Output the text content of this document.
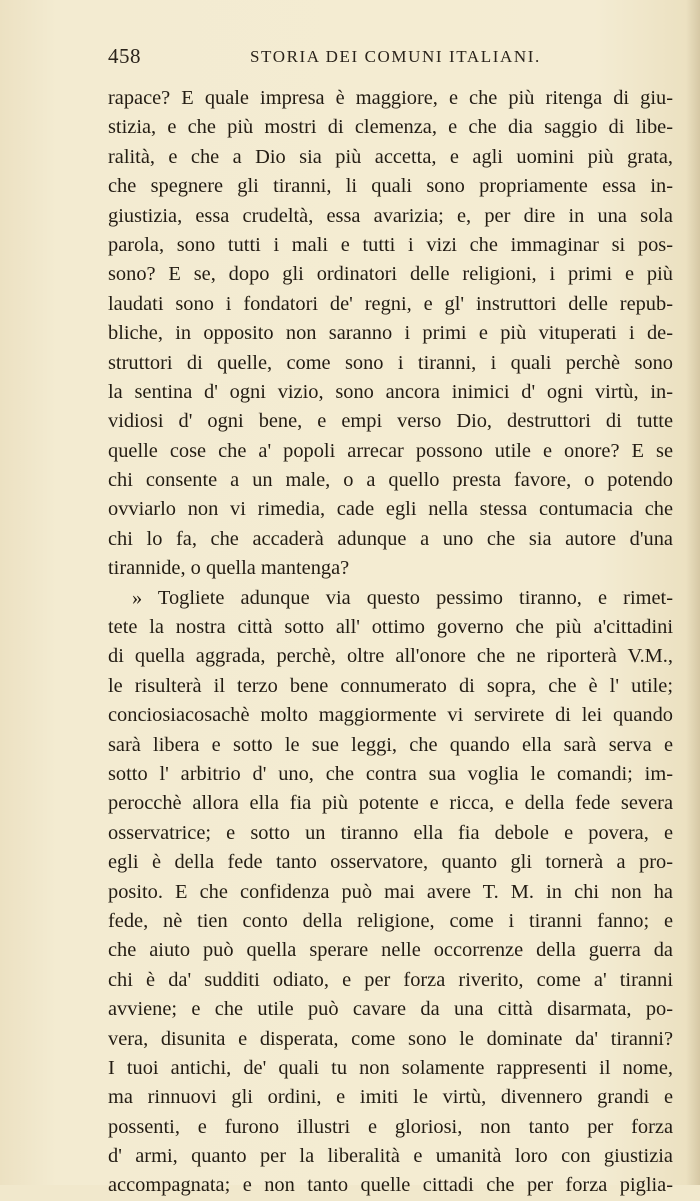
458	STORIA DEI COMUNI ITALIANI.
rapace? E quale impresa è maggiore, e che più ritenga di giu-
stizia, e che più mostri di clemenza, e che dia saggio di libe-
ralità, e che a Dio sia più accetta, e agli uomini più grata,
che spegnere gli tiranni, li quali sono propriamente essa in-
giustizia, essa crudeltà, essa avarizia; e, per dire in una sola
parola, sono tutti i mali e tutti i vizi che immaginar si pos-
sono? E se, dopo gli ordinatori delle religioni, i primi e più
laudati sono i fondatori de' regni, e gl' instruttori delle repub-
bliche, in opposito non saranno i primi e più vituperati i de-
struttori di quelle, come sono i tiranni, i quali perchè sono
la sentina d' ogni vizio, sono ancora inimici d' ogni virtù, in-
vidiosi d' ogni bene, e empi verso Dio, destruttori di tutte
quelle cose che a' popoli arrecar possono utile e onore? E se
chi consente a un male, o a quello presta favore, o potendo
ovviarlo non vi rimedia, cade egli nella stessa contumacia che
chi lo fa, che accaderà adunque a uno che sia autore d'una
tirannide, o quella mantenga?
» Togliete adunque via questo pessimo tiranno, e rimet-
tete la nostra città sotto all' ottimo governo che più a'cittadini
di quella aggrada, perchè, oltre all'onore che ne riporterà V.M.,
le risulterà il terzo bene connumerato di sopra, che è l' utile;
conciosiacosachè molto maggiormente vi servirete di lei quando
sarà libera e sotto le sue leggi, che quando ella sarà serva e
sotto l' arbitrio d' uno, che contra sua voglia le comandi; im-
perocchè allora ella fia più potente e ricca, e della fede severa
osservatrice; e sotto un tiranno ella fia debole e povera, e
egli è della fede tanto osservatore, quanto gli tornerà a pro-
posito. E che confidenza può mai avere T. M. in chi non ha
fede, nè tien conto della religione, come i tiranni fanno; e
che aiuto può quella sperare nelle occorrenze della guerra da
chi è da' sudditi odiato, e per forza riverito, come a' tiranni
avviene; e che utile può cavare da una città disarmata, po-
vera, disunita e disperata, come sono le dominate da' tiranni?
I tuoi antichi, de' quali tu non solamente rappresenti il nome,
ma rinnuovi gli ordini, e imiti le virtù, divennero grandi e
possenti, e furono illustri e gloriosi, non tanto per forza
d' armi, quanto per la liberalità e umanità loro con giustizia
accompagnata; e non tanto quelle cittadi che per forza piglia-
